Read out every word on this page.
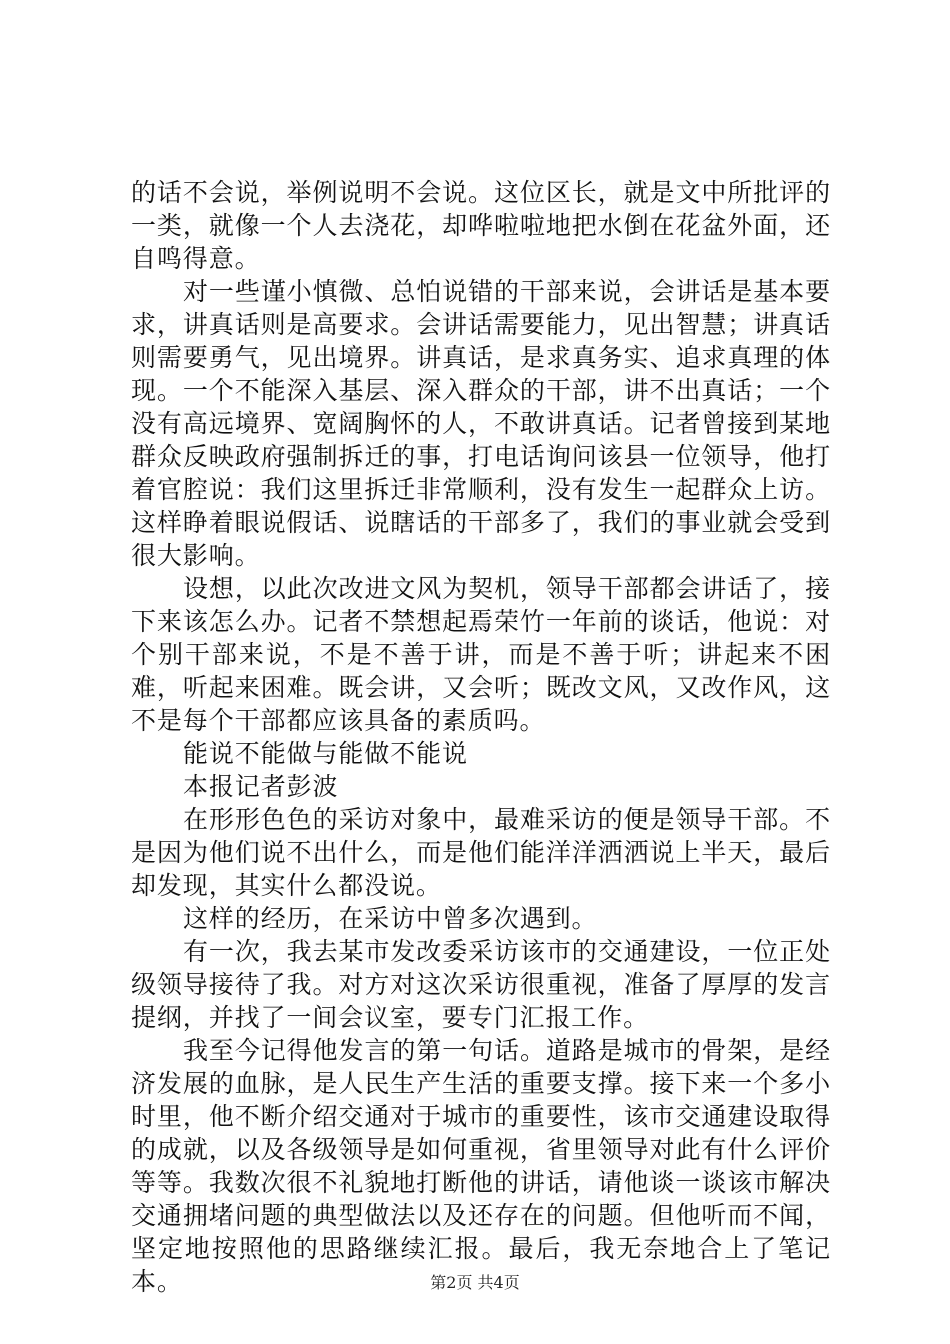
的话不会说，举例说明不会说。这位区长，就是文中所批评的一类，就像一个人去浇花，却哗啦啦地把水倒在花盆外面，还自鸣得意。

对一些谨小慎微、总怕说错的干部来说，会讲话是基本要求，讲真话则是高要求。会讲话需要能力，见出智慧；讲真话则需要勇气，见出境界。讲真话，是求真务实、追求真理的体现。一个不能深入基层、深入群众的干部，讲不出真话；一个没有高远境界、宽阔胸怀的人，不敢讲真话。记者曾接到某地群众反映政府强制拆迁的事，打电话询问该县一位领导，他打着官腔说：我们这里拆迁非常顺利，没有发生一起群众上访。这样睁着眼说假话、说瞎话的干部多了，我们的事业就会受到很大影响。

设想，以此次改进文风为契机，领导干部都会讲话了，接下来该怎么办。记者不禁想起焉荣竹一年前的谈话，他说：对个别干部来说，不是不善于讲，而是不善于听；讲起来不困难，听起来困难。既会讲，又会听；既改文风，又改作风，这不是每个干部都应该具备的素质吗。

能说不能做与能做不能说

本报记者彭波

在形形色色的采访对象中，最难采访的便是领导干部。不是因为他们说不出什么，而是他们能洋洋洒洒说上半天，最后却发现，其实什么都没说。

这样的经历，在采访中曾多次遇到。

有一次，我去某市发改委采访该市的交通建设，一位正处级领导接待了我。对方对这次采访很重视，准备了厚厚的发言提纲，并找了一间会议室，要专门汇报工作。

我至今记得他发言的第一句话。道路是城市的骨架，是经济发展的血脉，是人民生产生活的重要支撑。接下来一个多小时里，他不断介绍交通对于城市的重要性，该市交通建设取得的成就，以及各级领导是如何重视，省里领导对此有什么评价等等。我数次很不礼貌地打断他的讲话，请他谈一谈该市解决交通拥堵问题的典型做法以及还存在的问题。但他听而不闻，坚定地按照他的思路继续汇报。最后，我无奈地合上了笔记本。	第2页 共4页
